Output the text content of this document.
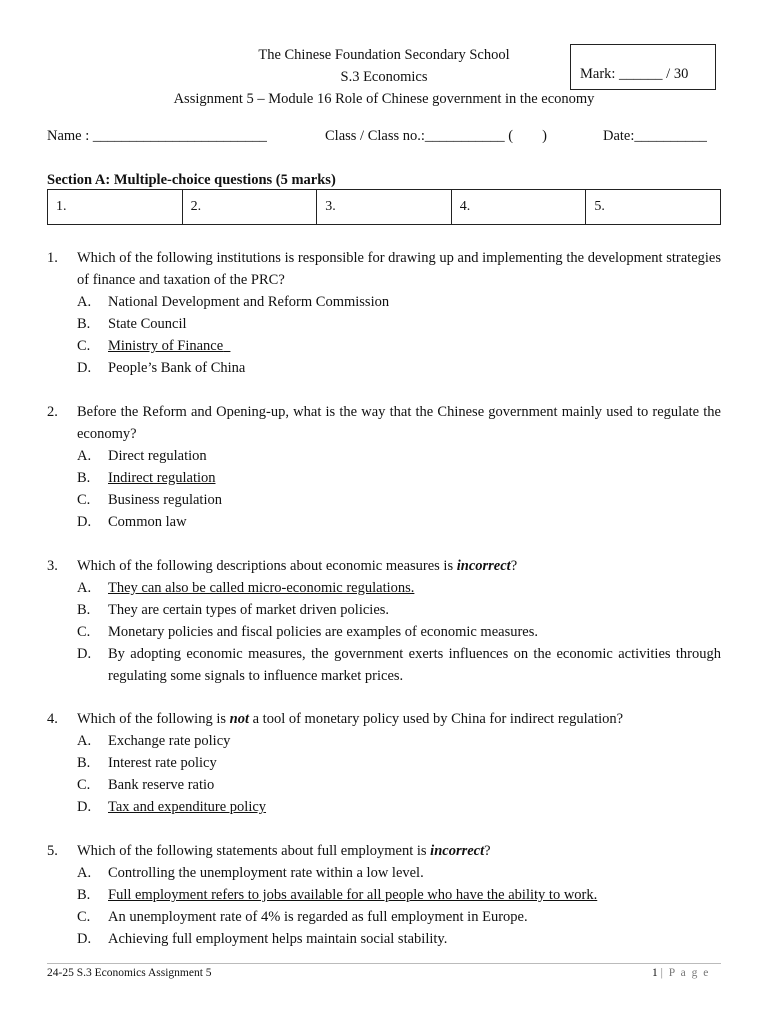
The Chinese Foundation Secondary School
S.3 Economics
Assignment 5 – Module 16 Role of Chinese government in the economy
Mark: ______ / 30
Name : ________________________	Class / Class no.:___________ (        )	Date:__________
Section A: Multiple-choice questions (5 marks)
1.	2.	3.	4.	5.
1. Which of the following institutions is responsible for drawing up and implementing the development strategies of finance and taxation of the PRC?
A. National Development and Reform Commission
B. State Council
C. Ministry of Finance
D. People’s Bank of China
2. Before the Reform and Opening-up, what is the way that the Chinese government mainly used to regulate the economy?
A. Direct regulation
B. Indirect regulation
C. Business regulation
D. Common law
3. Which of the following descriptions about economic measures is incorrect?
A. They can also be called micro-economic regulations.
B. They are certain types of market driven policies.
C. Monetary policies and fiscal policies are examples of economic measures.
D. By adopting economic measures, the government exerts influences on the economic activities through regulating some signals to influence market prices.
4. Which of the following is not a tool of monetary policy used by China for indirect regulation?
A. Exchange rate policy
B. Interest rate policy
C. Bank reserve ratio
D. Tax and expenditure policy
5. Which of the following statements about full employment is incorrect?
A. Controlling the unemployment rate within a low level.
B. Full employment refers to jobs available for all people who have the ability to work.
C. An unemployment rate of 4% is regarded as full employment in Europe.
D. Achieving full employment helps maintain social stability.
24-25 S.3 Economics Assignment 5	1 | P a g e
